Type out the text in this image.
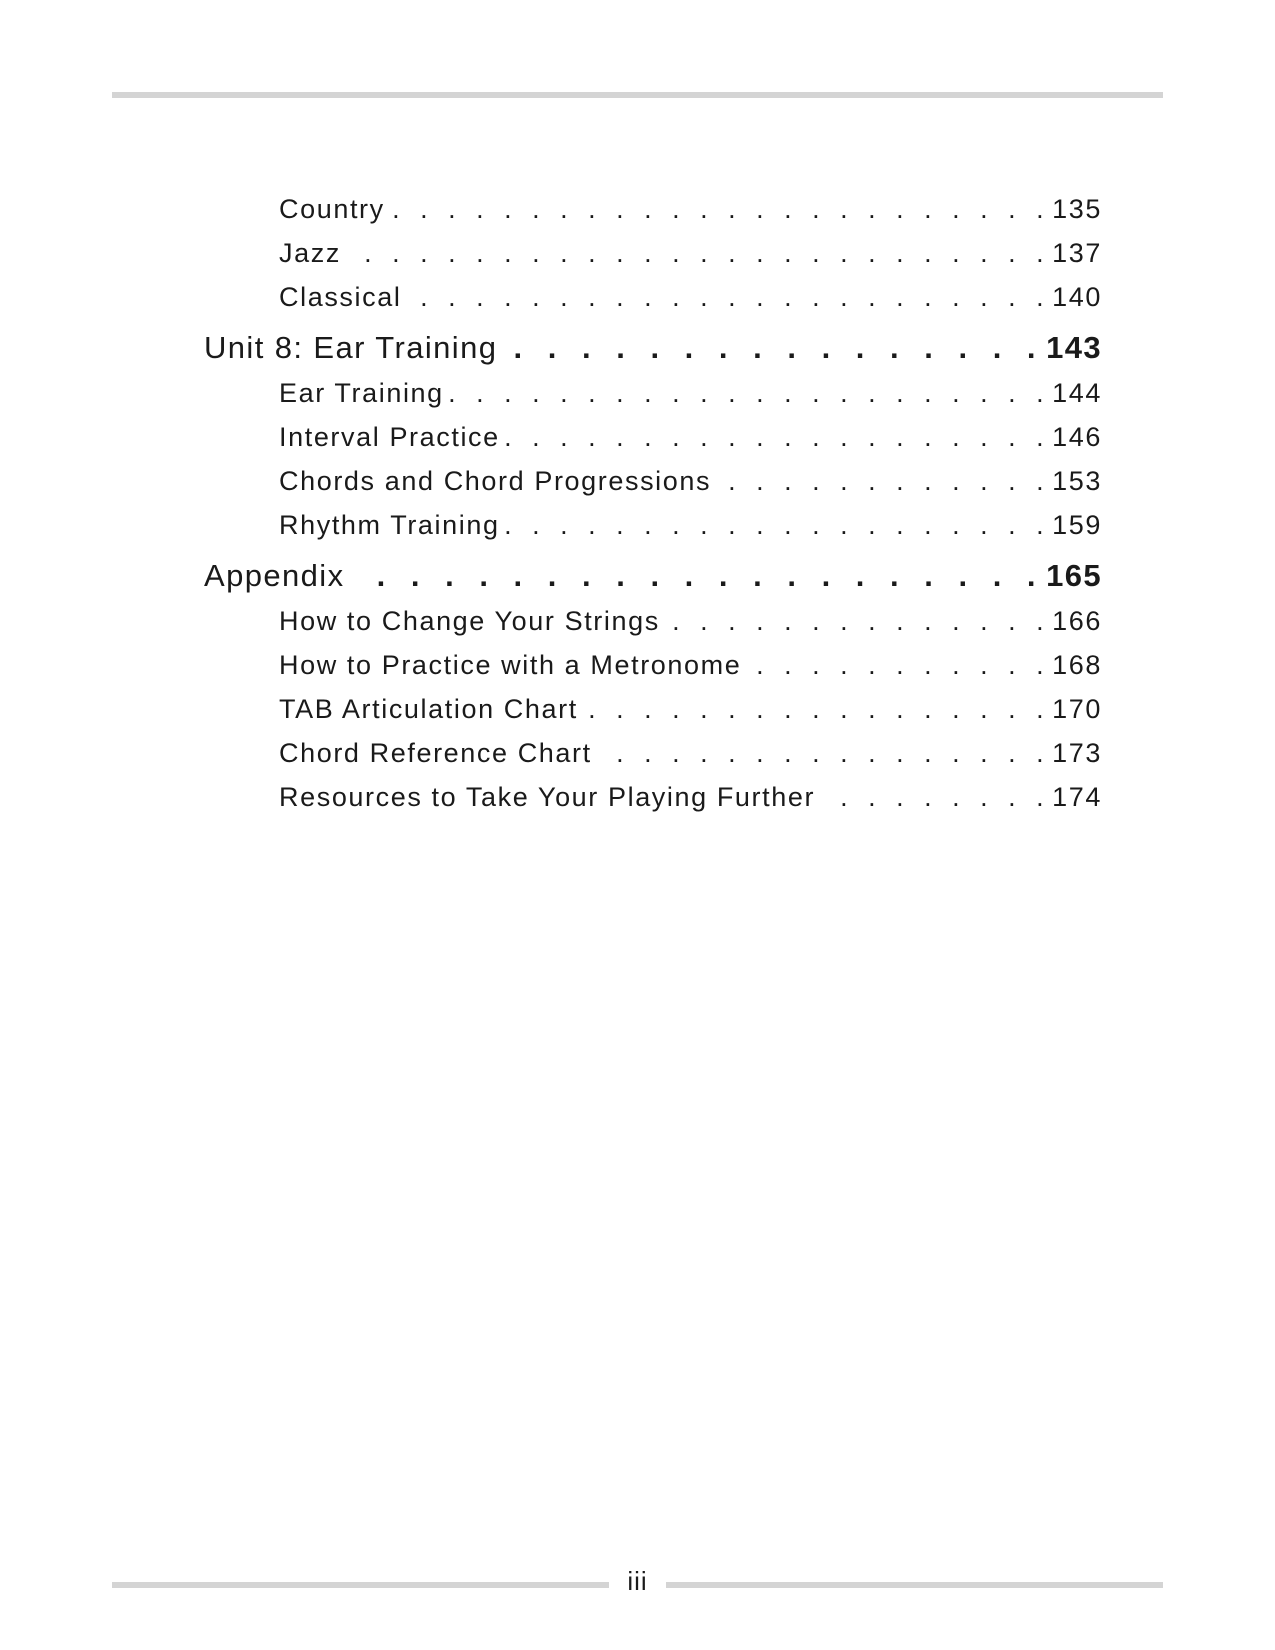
Country . . .	135
Jazz . . .	137
Classical . . .	140
Unit 8: Ear Training . . .	143
Ear Training . . .	144
Interval Practice . . .	146
Chords and Chord Progressions . . .	153
Rhythm Training . . .	159
Appendix . . .	165
How to Change Your Strings . . .	166
How to Practice with a Metronome . . .	168
TAB Articulation Chart . . .	170
Chord Reference Chart . . .	173
Resources to Take Your Playing Further . . .	174
iii
